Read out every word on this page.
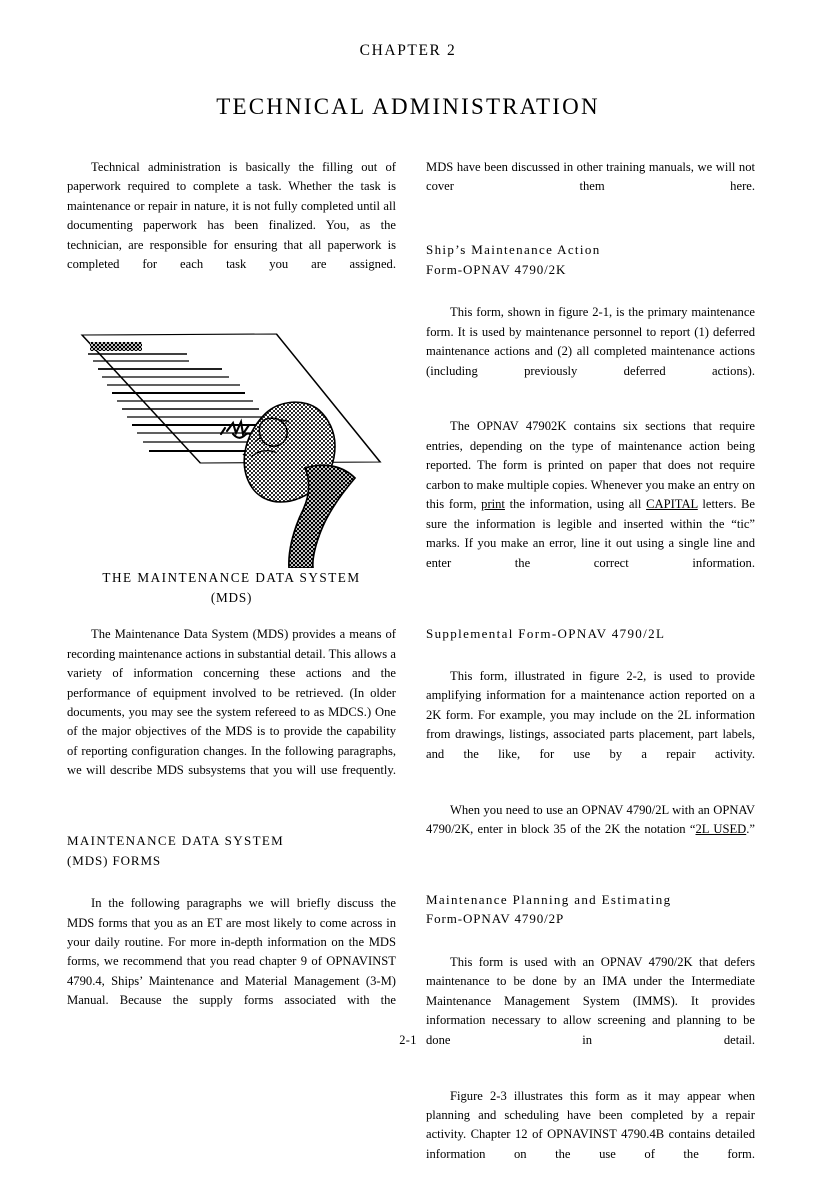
CHAPTER 2
TECHNICAL ADMINISTRATION

Technical administration is basically the filling out of paperwork required to complete a task. Whether the task is maintenance or repair in nature, it is not fully completed until all documenting paperwork has been finalized. You, as the technician, are responsible for ensuring that all paperwork is completed for each task you are assigned.

THE MAINTENANCE DATA SYSTEM
(MDS)

The Maintenance Data System (MDS) provides a means of recording maintenance actions in substantial detail. This allows a variety of information concerning these actions and the performance of equipment involved to be retrieved. (In older documents, you may see the system refereed to as MDCS.) One of the major objectives of the MDS is to provide the capability of reporting configuration changes. In the following paragraphs, we will describe MDS subsystems that you will use frequently.

MAINTENANCE DATA SYSTEM
(MDS) FORMS

In the following paragraphs we will briefly discuss the MDS forms that you as an ET are most likely to come across in your daily routine. For more in-depth information on the MDS forms, we recommend that you read chapter 9 of OPNAVINST 4790.4, Ships’ Maintenance and Material Management (3-M) Manual. Because the supply forms associated with the

MDS have been discussed in other training manuals, we will not cover them here.

Ship’s Maintenance Action
Form-OPNAV 4790/2K

This form, shown in figure 2-1, is the primary maintenance form. It is used by maintenance personnel to report (1) deferred maintenance actions and (2) all completed maintenance actions (including previously deferred actions).

The OPNAV 47902K contains six sections that require entries, depending on the type of maintenance action being reported. The form is printed on paper that does not require carbon to make multiple copies. Whenever you make an entry on this form, print the information, using all CAPITAL letters. Be sure the information is legible and inserted within the “tic” marks. If you make an error, line it out using a single line and enter the correct information.

Supplemental Form-OPNAV 4790/2L

This form, illustrated in figure 2-2, is used to provide amplifying information for a maintenance action reported on a 2K form. For example, you may include on the 2L information from drawings, listings, associated parts placement, part labels, and the like, for use by a repair activity.

When you need to use an OPNAV 4790/2L with an OPNAV 4790/2K, enter in block 35 of the 2K the notation “2L USED.”

Maintenance Planning and Estimating
Form-OPNAV 4790/2P

This form is used with an OPNAV 4790/2K that defers maintenance to be done by an IMA under the Intermediate Maintenance Management System (IMMS). It provides information necessary to allow screening and planning to be done in detail.

Figure 2-3 illustrates this form as it may appear when planning and scheduling have been completed by a repair activity. Chapter 12 of OPNAVINST 4790.4B contains detailed information on the use of the form.

2-1
